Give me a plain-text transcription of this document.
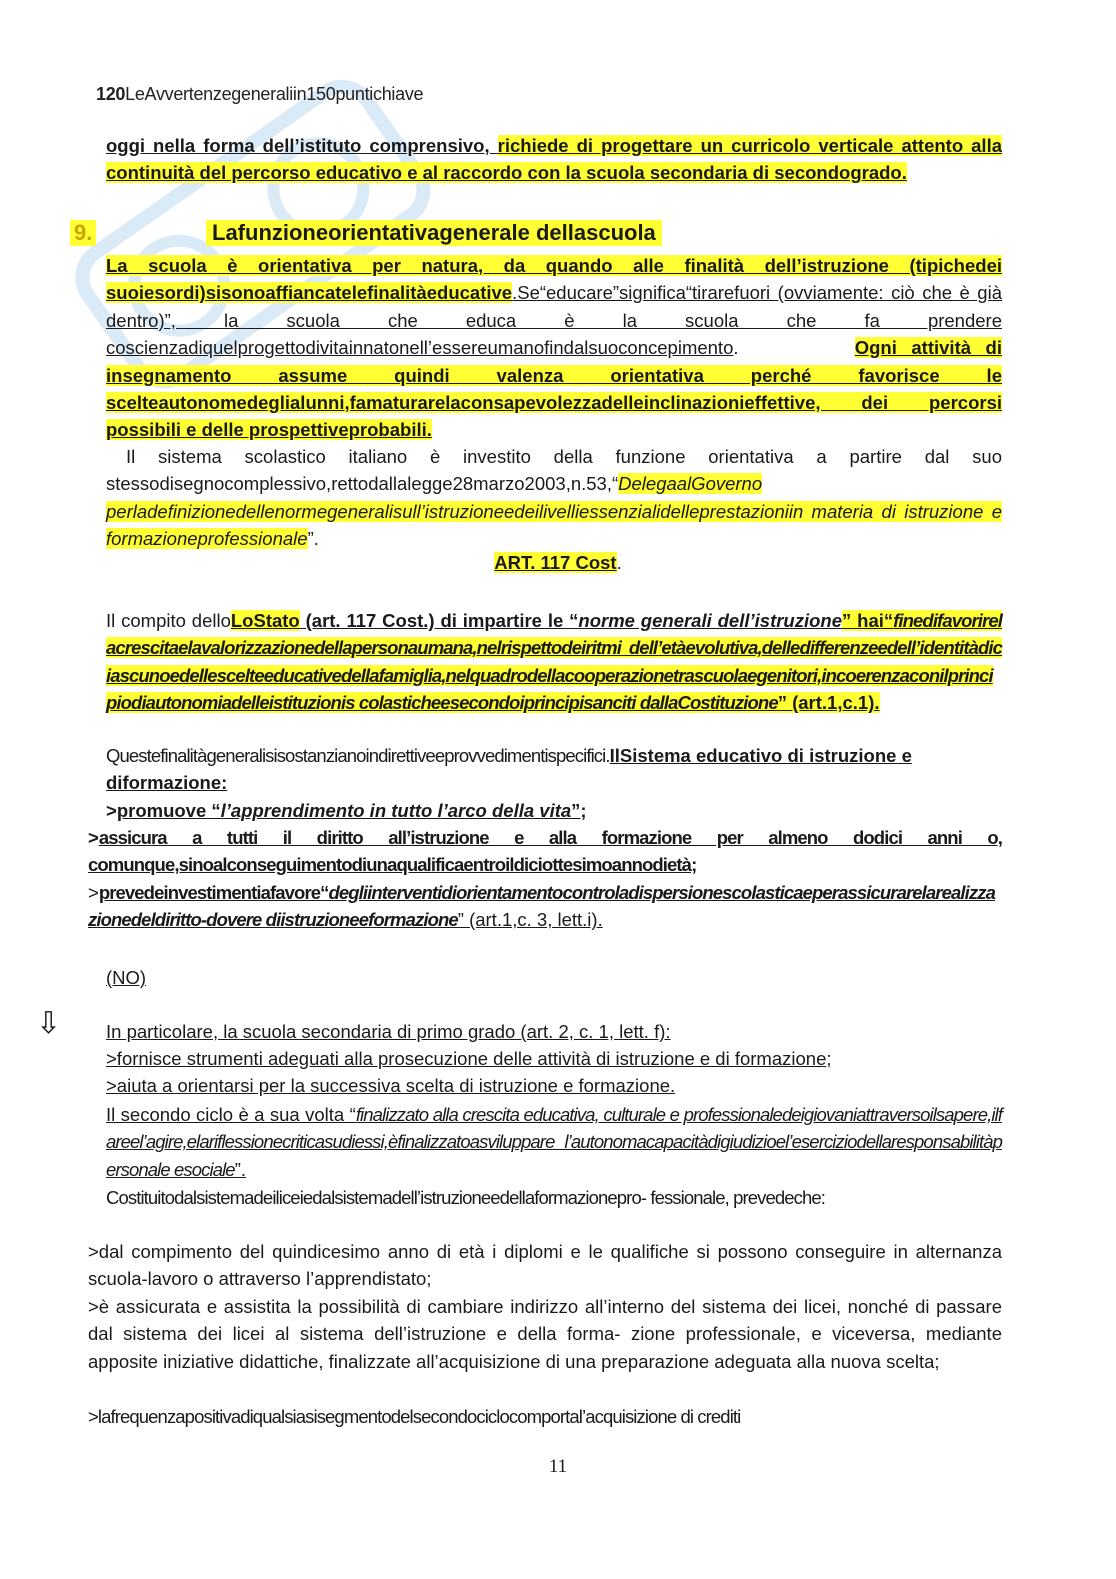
120LeAvvertenzegeneraliin150puntichiave
oggi nella forma dell’istituto comprensivo, richiede di progettare un curricolo verticale attento alla continuità del percorso educativo e al raccordo con la scuola secondaria di secondogrado.
9.	Lafunzioneorientativagenerale dellascuola
La scuola è orientativa per natura, da quando alle finalità dell’istruzione (tipichedei suoiesordi)sisonoaffiancatelefinalitàeducative.Se“educare”significa“tirarefuori (ovviamente: ciò che è già dentro)”, la scuola che educa è la scuola che fa prendere coscienzadiquelprogettodivitainnatonell’essereumanofindalsuoconcepimento.	Ogni attività di insegnamento assume quindi valenza orientativa perché favorisce le scelteautonomedeglialunni,famaturarelaconsapevolezzadelleinclinazionieffettive, dei percorsi possibili e delle prospettiveprobabili.
Il sistema scolastico italiano è investito della funzione orientativa a partire dal suo stessodisegnocomplessivo,rettodallalegge28marzo2003,n.53,“DelegaalGoverno perladefinizionedellenormegeneralisull’istruzioneedeilivelliessenzialidelleprestazioniin materia di istruzione e formazioneprofessionale”.
ART. 117 Cost.
Il compito delloLoStato (art. 117 Cost.) di impartire le “norme generali dell’istruzione” hai“finedifavorirelacrescitaelavalorizzazionedellapersonaumana,nelrispettodeiritmi dell’etàevolutiva,delledifferenzeedell’identitàdiciascunoedellescelteeducativedellafamiglia,nelquadrodellacooperazionetrascuolaegenitori,incoerenzaconilprincipiodiautonomiadelleistituzionis colasticheesecondoiprincipisanciti dallaCostituzione” (art.1,c.1).
Questefinalitàgeneralisisostanzianoindirettiveeprovvedimentispecifici.IlSistema educativo di istruzione e diformazione:
>promuove “l’apprendimento in tutto l’arco della vita”;
>assicura a tutti il diritto all’istruzione e alla formazione per almeno dodici anni o, comunque,sinoalconseguimentodiunaqualificaentroildiciottesimoannodietà;
>prevedeinvestimentiafavore“degliinterventidiorientamentocontroladispersionescolasticaeperassicurarelarealizzazionedeldiritto-dovere diistruzioneeformazione” (art.1,c. 3, lett.i).
(NO)
⇩ In particolare, la scuola secondaria di primo grado (art. 2, c. 1, lett. f):
>fornisce strumenti adeguati alla prosecuzione delle attività di istruzione e di formazione;
>aiuta a orientarsi per la successiva scelta di istruzione e formazione.
Il secondo ciclo è a sua volta “finalizzato alla crescita educativa, culturale e professionaledeigiovaniattraversoilsapere,ilfareel’agire,elariflessionecriticasudiessi,èfinalizzatoasviluppare l’autonomacapacitàdigiudizioel’eserciziodellaresponsabilitàpersonale esociale”.
Costituitodalsistemadeiliceiedalsistemadell’istruzioneedellaformazionepro- fessionale, prevedeche:
>dal compimento del quindicesimo anno di età i diplomi e le qualifiche si possono conseguire in alternanza scuola-lavoro o attraverso l’apprendistato;
>è assicurata e assistita la possibilità di cambiare indirizzo all’interno del sistema dei licei, nonché di passare dal sistema dei licei al sistema dell’istruzione e della forma- zione professionale, e viceversa, mediante apposite iniziative didattiche, finalizzate all’acquisizione di una preparazione adeguata alla nuova scelta;
>lafrequenzapositivadiqualsiasisegmentodelsecondociclocomportal’acquisizione di crediti
11
